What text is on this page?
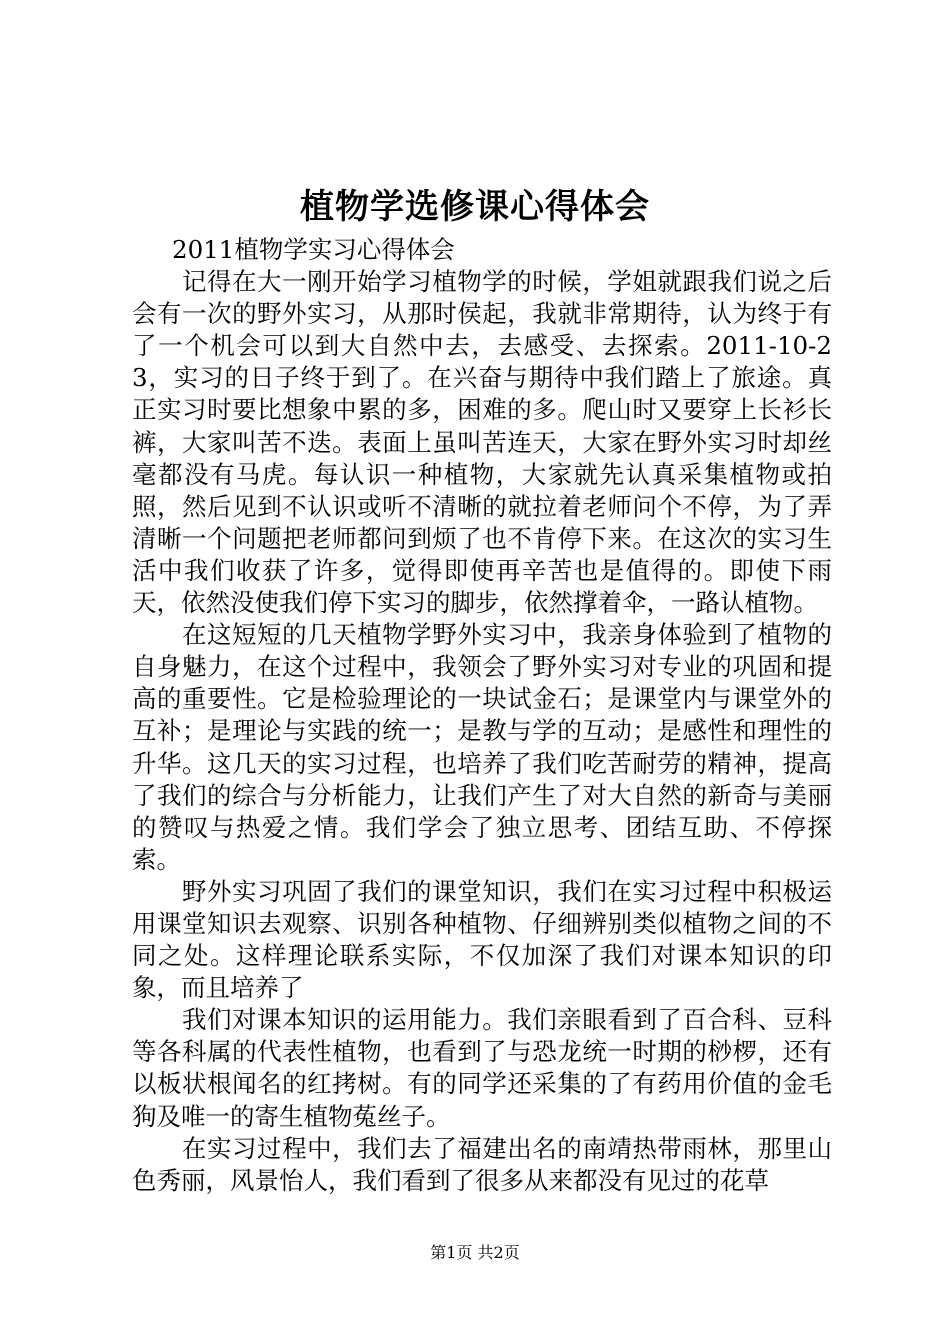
植物学选修课心得体会

2011植物学实习心得体会

记得在大一刚开始学习植物学的时候，学姐就跟我们说之后会有一次的野外实习，从那时侯起，我就非常期待，认为终于有了一个机会可以到大自然中去，去感受、去探索。2011-10-23，实习的日子终于到了。在兴奋与期待中我们踏上了旅途。真正实习时要比想象中累的多，困难的多。爬山时又要穿上长衫长裤，大家叫苦不迭。表面上虽叫苦连天，大家在野外实习时却丝毫都没有马虎。每认识一种植物，大家就先认真采集植物或拍照，然后见到不认识或听不清晰的就拉着老师问个不停，为了弄清晰一个问题把老师都问到烦了也不肯停下来。在这次的实习生活中我们收获了许多，觉得即使再辛苦也是值得的。即使下雨天，依然没使我们停下实习的脚步，依然撑着伞，一路认植物。

在这短短的几天植物学野外实习中，我亲身体验到了植物的自身魅力，在这个过程中，我领会了野外实习对专业的巩固和提高的重要性。它是检验理论的一块试金石；是课堂内与课堂外的互补；是理论与实践的统一；是教与学的互动；是感性和理性的升华。这几天的实习过程，也培养了我们吃苦耐劳的精神，提高了我们的综合与分析能力，让我们产生了对大自然的新奇与美丽的赞叹与热爱之情。我们学会了独立思考、团结互助、不停探索。

野外实习巩固了我们的课堂知识，我们在实习过程中积极运用课堂知识去观察、识别各种植物、仔细辨别类似植物之间的不同之处。这样理论联系实际，不仅加深了我们对课本知识的印象，而且培养了

我们对课本知识的运用能力。我们亲眼看到了百合科、豆科等各科属的代表性植物，也看到了与恐龙统一时期的桫椤，还有以板状根闻名的红拷树。有的同学还采集的了有药用价值的金毛狗及唯一的寄生植物菟丝子。

在实习过程中，我们去了福建出名的南靖热带雨林，那里山色秀丽，风景怡人，我们看到了很多从来都没有见过的花草

第1页 共2页
